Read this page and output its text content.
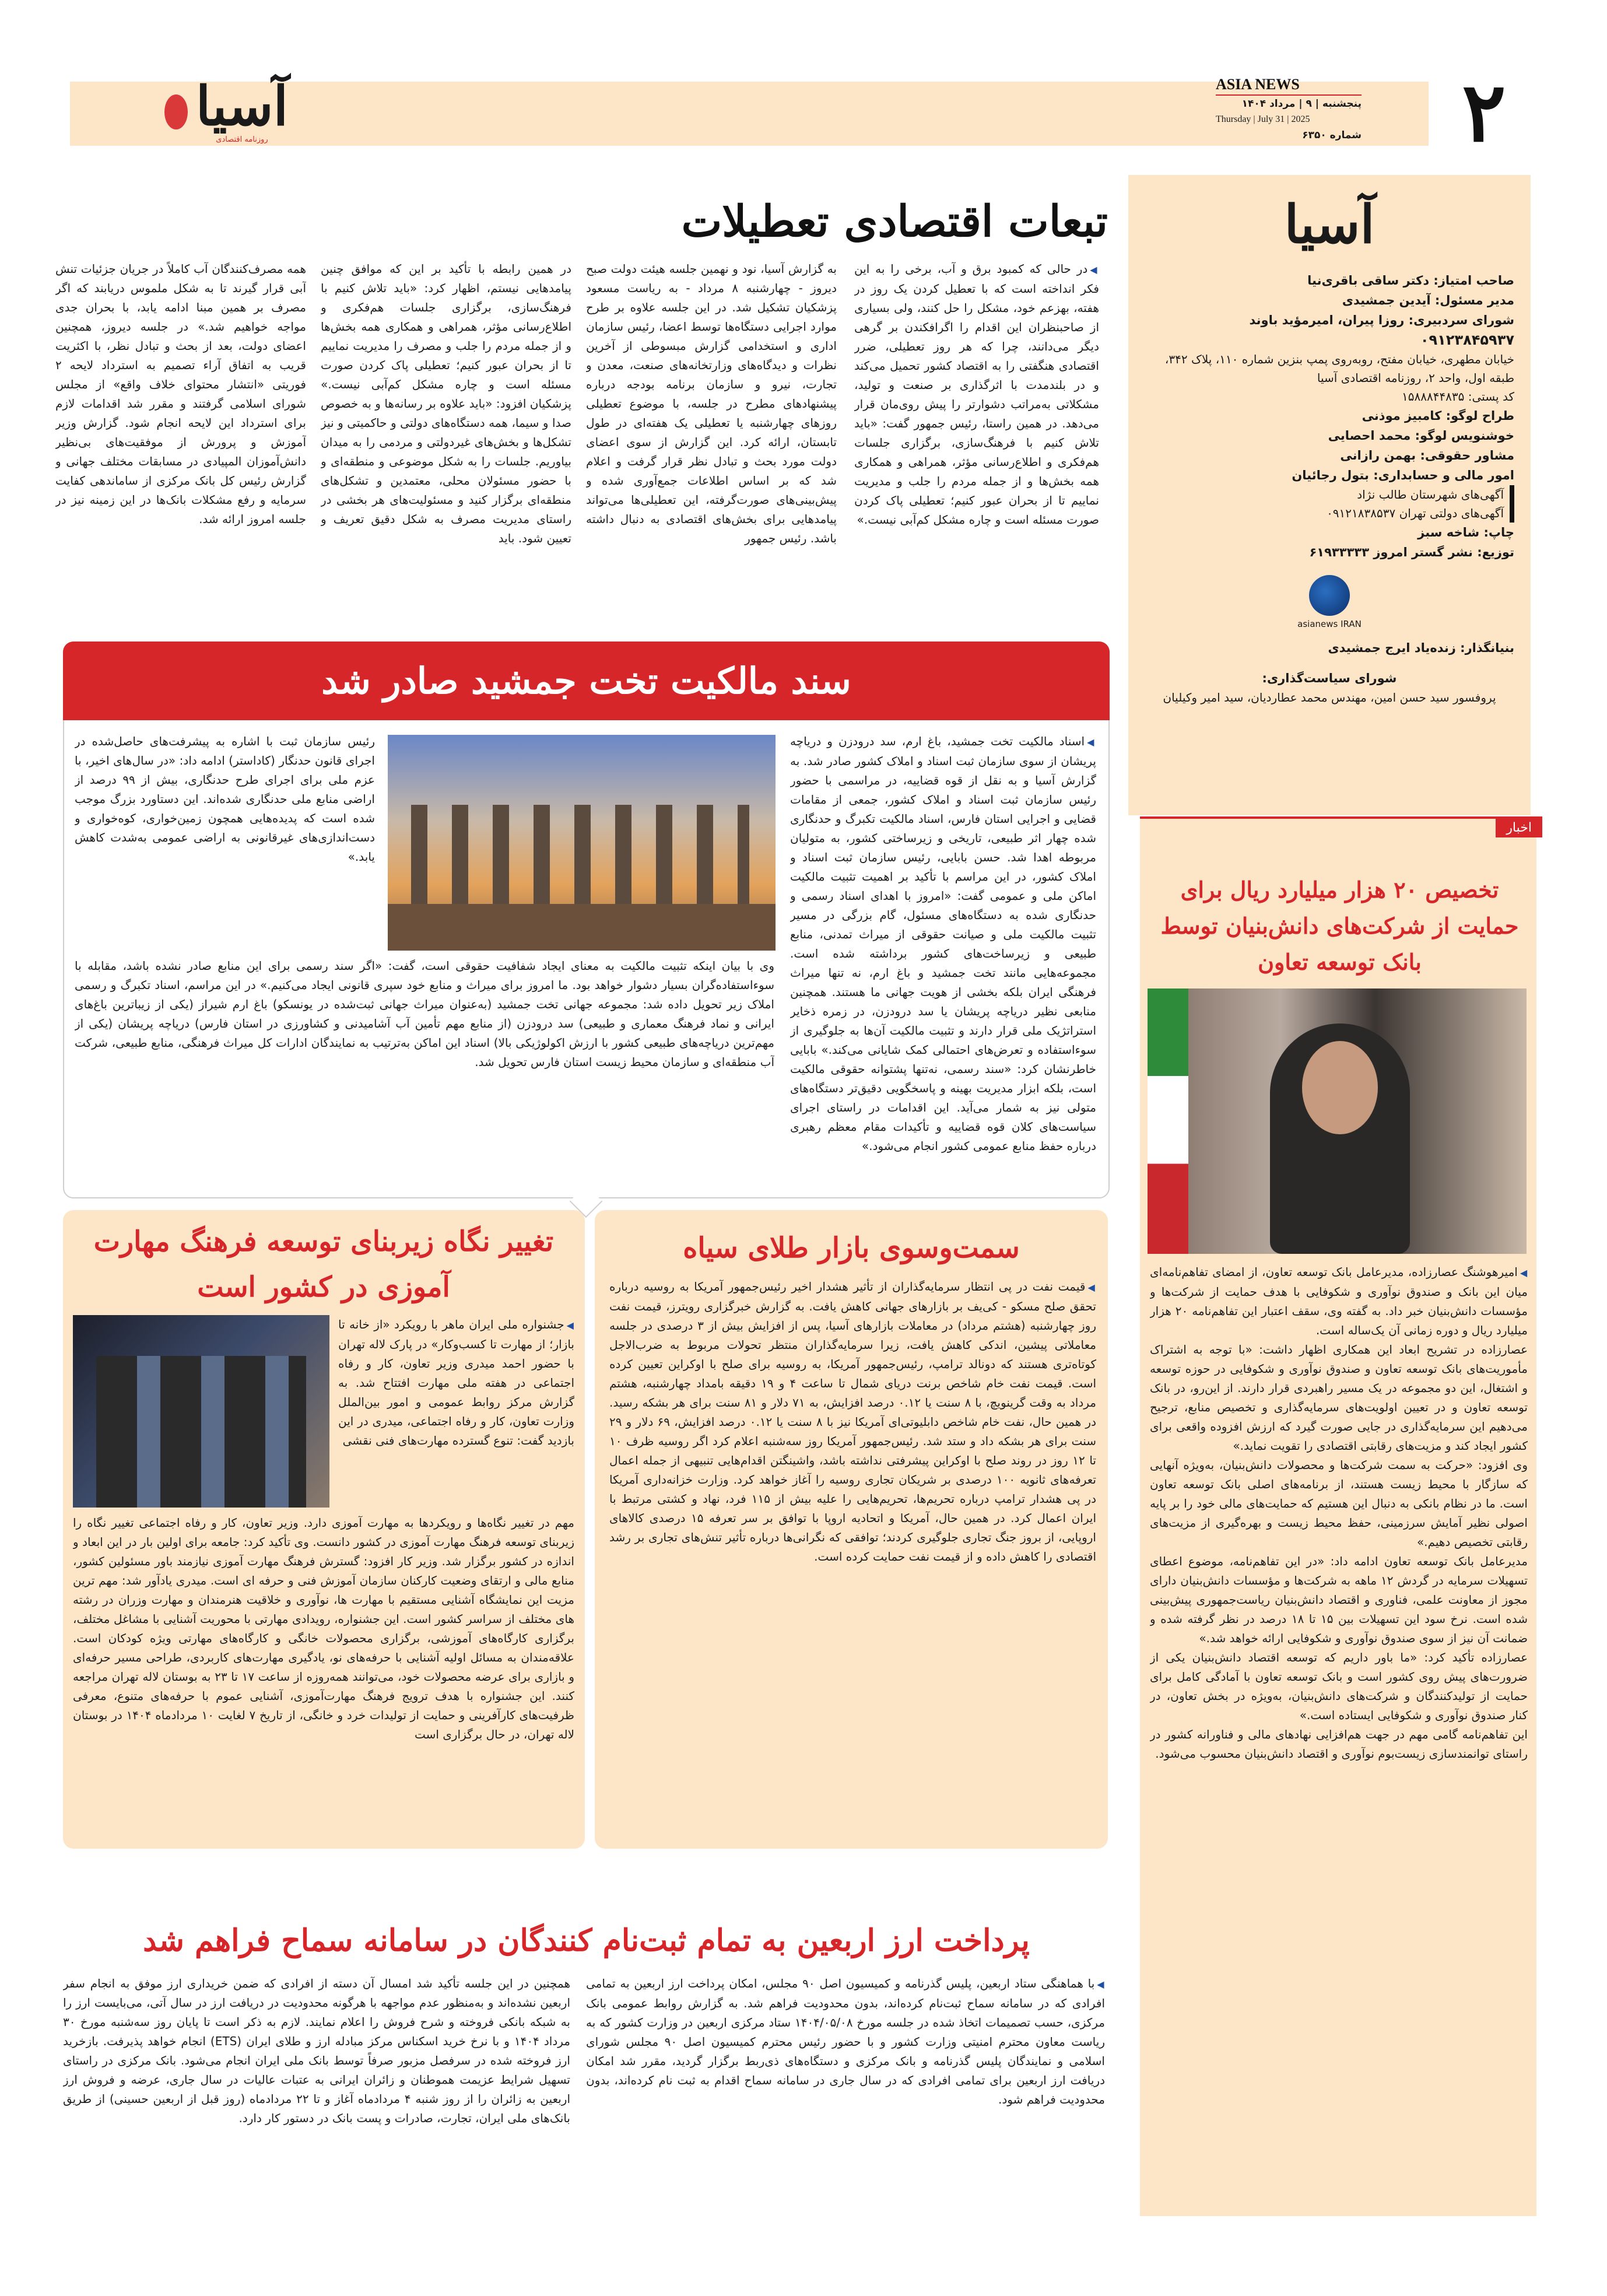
۲
ASIA NEWS
پنجشنبه | ۹ | مرداد ۱۴۰۴
Thursday | July 31 | 2025
شماره ۶۳۵۰
آسیا
روزنامه اقتصادی
آسیا
صاحب امتیاز: دکتر ساقی باقری‌نیا
مدیر مسئول: آیدین جمشیدی
شورای سردبیری: روزا پیران، امیرمؤید باوند
۰۹۱۲۳۸۴۵۹۳۷
خیابان مطهری، خیابان مفتح، روبه‌روی پمپ بنزین شماره ۱۱۰، پلاک ۳۴۲، طبقه اول، واحد ۲، روزنامه اقتصادی آسیا
کد پستی: ۱۵۸۸۸۴۴۸۳۵
طراح لوگو: کامبیز موذنی
خوشنویس لوگو: محمد احصایی
مشاور حقوقی: بهمن رازانی
امور مالی و حسابداری: بتول رجائیان
آگهی‌های شهرستان طالب نژاد
آگهی‌های دولتی تهران ۰۹۱۲۱۸۳۸۵۳۷
چاپ: شاخه سبز
توزیع: نشر گستر امروز ۶۱۹۳۳۳۳۳
asianews IRAN
بنیانگذار: زنده‌یاد ایرج جمشیدی
شورای سیاست‌گذاری:
پروفسور سید حسن امین، مهندس محمد عطاردیان، سید امیر وکیلیان
اخبار
تخصیص ۲۰ هزار میلیارد ریال برای حمایت از شرکت‌های دانش‌بنیان توسط بانک توسعه تعاون

◀امیرهوشنگ عصارزاده، مدیرعامل بانک توسعه تعاون، از امضای تفاهم‌نامه‌ای میان این بانک و صندوق نوآوری و شکوفایی با هدف حمایت از شرکت‌ها و مؤسسات دانش‌بنیان خبر داد. به گفته وی، سقف اعتبار این تفاهم‌نامه ۲۰ هزار میلیارد ریال و دوره زمانی آن یک‌ساله است.

عصارزاده در تشریح ابعاد این همکاری اظهار داشت: «با توجه به اشتراک مأموریت‌های بانک توسعه تعاون و صندوق نوآوری و شکوفایی در حوزه توسعه و اشتغال، این دو مجموعه در یک مسیر راهبردی قرار دارند. از این‌رو، در بانک توسعه تعاون و در تعیین اولویت‌های سرمایه‌گذاری و تخصیص منابع، ترجیح می‌دهیم این سرمایه‌گذاری در جایی صورت گیرد که ارزش افزوده واقعی برای کشور ایجاد کند و مزیت‌های رقابتی اقتصادی را تقویت نماید.»

وی افزود: «حرکت به سمت شرکت‌ها و محصولات دانش‌بنیان، به‌ویژه آنهایی که سازگار با محیط زیست هستند، از برنامه‌های اصلی بانک توسعه تعاون است. ما در نظام بانکی به دنبال این هستیم که حمایت‌های مالی خود را بر پایه اصولی نظیر آمایش سرزمینی، حفظ محیط زیست و بهره‌گیری از مزیت‌های رقابتی تخصیص دهیم.»

مدیرعامل بانک توسعه تعاون ادامه داد: «در این تفاهم‌نامه، موضوع اعطای تسهیلات سرمایه در گردش ۱۲ ماهه به شرکت‌ها و مؤسسات دانش‌بنیان دارای مجوز از معاونت علمی، فناوری و اقتصاد دانش‌بنیان ریاست‌جمهوری پیش‌بینی شده است. نرخ سود این تسهیلات بین ۱۵ تا ۱۸ درصد در نظر گرفته شده و ضمانت آن نیز از سوی صندوق نوآوری و شکوفایی ارائه خواهد شد.»

عصارزاده تأکید کرد: «ما باور داریم که توسعه اقتصاد دانش‌بنیان یکی از ضرورت‌های پیش روی کشور است و بانک توسعه تعاون با آمادگی کامل برای حمایت از تولیدکنندگان و شرکت‌های دانش‌بنیان، به‌ویژه در بخش تعاون، در کنار صندوق نوآوری و شکوفایی ایستاده است.»

این تفاهم‌نامه گامی مهم در جهت هم‌افزایی نهادهای مالی و فناورانه کشور در راستای توانمندسازی زیست‌بوم نوآوری و اقتصاد دانش‌بنیان محسوب می‌شود.

تبعات اقتصادی تعطیلات
◀در حالی که کمبود برق و آب، برخی را به این فکر انداخته است که با تعطیل کردن یک روز در هفته، بهزعم خود، مشکل را حل کنند، ولی بسیاری از صاحبنظران این اقدام را اگرافکندن بر گرهی دیگر می‌دانند، چرا که هر روز تعطیلی، ضرر اقتصادی هنگفتی را به اقتصاد کشور تحمیل می‌کند و در بلندمدت با اثرگذاری بر صنعت و تولید، مشکلاتی به‌مراتب دشوارتر را پیش روی‌مان قرار می‌دهد. در همین راستا، رئیس جمهور گفت: «باید تلاش کنیم با فرهنگ‌سازی، برگزاری جلسات هم‌فکری و اطلاع‌رسانی مؤثر، همراهی و همکاری همه بخش‌ها و از جمله مردم را جلب و مدیریت نماییم تا از بحران عبور کنیم؛ تعطیلی پاک کردن صورت مسئله است و چاره مشکل کم‌آبی نیست.»
به گزارش آسیا، نود و نهمین جلسه هیئت دولت صبح دیروز - چهارشنبه ۸ مرداد - به ریاست مسعود پزشکیان تشکیل شد. در این جلسه علاوه بر طرح موارد اجرایی دستگاه‌ها توسط اعضا، رئیس سازمان اداری و استخدامی گزارش مبسوطی از آخرین نظرات و دیدگاه‌های وزارتخانه‌های صنعت، معدن و تجارت، نیرو و سازمان برنامه بودجه درباره پیشنهادهای مطرح در جلسه، با موضوع تعطیلی روزهای چهارشنبه یا تعطیلی یک هفته‌ای در طول تابستان، ارائه کرد. این گزارش از سوی اعضای دولت مورد بحث و تبادل نظر قرار گرفت و اعلام شد که بر اساس اطلاعات جمع‌آوری شده و پیش‌بینی‌های صورت‌گرفته، این تعطیلی‌ها می‌تواند پیامدهایی برای بخش‌های اقتصادی به دنبال داشته باشد. رئیس جمهور
در همین رابطه با تأکید بر این که موافق چنین پیامدهایی نیستم، اظهار کرد: «باید تلاش کنیم با فرهنگ‌سازی، برگزاری جلسات هم‌فکری و اطلاع‌رسانی مؤثر، همراهی و همکاری همه بخش‌ها و از جمله مردم را جلب و مصرف را مدیریت نماییم تا از بحران عبور کنیم؛ تعطیلی پاک کردن صورت مسئله است و چاره مشکل کم‌آبی نیست.» پزشکیان افزود: «باید علاوه بر رسانه‌ها و به خصوص صدا و سیما، همه دستگاه‌های دولتی و حاکمیتی و نیز تشکل‌ها و بخش‌های غیردولتی و مردمی را به میدان بیاوریم. جلسات را به شکل موضوعی و منطقه‌ای و با حضور مسئولان محلی، معتمدین و تشکل‌های منطقه‌ای برگزار کنید و مسئولیت‌های هر بخشی در راستای مدیریت مصرف به شکل دقیق تعریف و تعیین شود. باید
همه مصرف‌کنندگان آب کاملاً در جریان جزئیات تنش آبی قرار گیرند تا به شکل ملموس دریابند که اگر مصرف بر همین مبنا ادامه یابد، با بحران جدی مواجه خواهیم شد.» در جلسه دیروز، همچنین اعضای دولت، بعد از بحث و تبادل نظر، با اکثریت قریب به اتفاق آراء تصمیم به استرداد لایحه ۲ فوریتی «انتشار محتوای خلاف واقع» از مجلس شورای اسلامی گرفتند و مقرر شد اقدامات لازم برای استرداد این لایحه انجام شود. گزارش وزیر آموزش و پرورش از موفقیت‌های بی‌نظیر دانش‌آموزان المپیادی در مسابقات مختلف جهانی و گزارش رئیس کل بانک مرکزی از ساماندهی کفایت سرمایه و رفع مشکلات بانک‌ها در این زمینه نیز در جلسه امروز ارائه شد.
سند مالکیت تخت جمشید صادر شد
◀اسناد مالکیت تخت جمشید، باغ ارم، سد درودزن و دریاچه پریشان از سوی سازمان ثبت اسناد و املاک کشور صادر شد. به گزارش آسیا و به نقل از قوه قضاییه، در مراسمی با حضور رئیس سازمان ثبت اسناد و املاک کشور، جمعی از مقامات قضایی و اجرایی استان فارس، اسناد مالکیت تکبرگ و حدنگاری شده چهار اثر طبیعی، تاریخی و زیرساختی کشور، به متولیان مربوطه اهدا شد. حسن بابایی، رئیس سازمان ثبت اسناد و املاک کشور، در این مراسم با تأکید بر اهمیت تثبیت مالکیت اماکن ملی و عمومی گفت: «امروز با اهدای اسناد رسمی و حدنگاری شده به دستگاه‌های مسئول، گام بزرگی در مسیر تثبیت مالکیت ملی و صیانت حقوقی از میراث تمدنی، منابع طبیعی و زیرساخت‌های کشور برداشته شده است. مجموعه‌هایی مانند تخت جمشید و باغ ارم، نه تنها میراث فرهنگی ایران بلکه بخشی از هویت جهانی ما هستند. همچنین منابعی نظیر دریاچه پریشان یا سد درودزن، در زمره ذخایر استراتژیک ملی قرار دارند و تثبیت مالکیت آن‌ها به جلوگیری از سوءاستفاده و تعرض‌های احتمالی کمک شایانی می‌کند.» بابایی خاطرنشان کرد: «سند رسمی، نه‌تنها پشتوانه حقوقی مالکیت است، بلکه ابزار مدیریت بهینه و پاسخگویی دقیق‌تر دستگاه‌های متولی نیز به شمار می‌آید. این اقدامات در راستای اجرای سیاست‌های کلان قوه قضاییه و تأکیدات مقام معظم رهبری درباره حفظ منابع عمومی کشور انجام می‌شود.»
رئیس سازمان ثبت با اشاره به پیشرفت‌های حاصل‌شده در اجرای قانون حدنگار (کاداستر) ادامه داد: «در سال‌های اخیر، با عزم ملی برای اجرای طرح حدنگاری، بیش از ۹۹ درصد از اراضی منابع ملی حدنگاری شده‌اند. این دستاورد بزرگ موجب شده است که پدیده‌هایی همچون زمین‌خواری، کوه‌خواری و دست‌اندازی‌های غیرقانونی به اراضی عمومی به‌شدت کاهش یابد.»
وی با بیان اینکه تثبیت مالکیت به معنای ایجاد شفافیت حقوقی است، گفت: «اگر سند رسمی برای این منابع صادر نشده باشد، مقابله با سوءاستفاده‌گران بسیار دشوار خواهد بود. ما امروز برای میراث و منابع خود سپری قانونی ایجاد می‌کنیم.» در این مراسم، اسناد تکبرگ و رسمی املاک زیر تحویل داده شد: مجموعه جهانی تخت جمشید (به‌عنوان میراث جهانی ثبت‌شده در یونسکو) باغ ارم شیراز (یکی از زیباترین باغ‌های ایرانی و نماد فرهنگ معماری و طبیعی) سد درودزن (از منابع مهم تأمین آب آشامیدنی و کشاورزی در استان فارس) دریاچه پریشان (یکی از مهم‌ترین دریاچه‌های طبیعی کشور با ارزش اکولوژیکی بالا) اسناد این اماکن به‌ترتیب به نمایندگان ادارات کل میراث فرهنگی، منابع طبیعی، شرکت آب منطقه‌ای و سازمان محیط زیست استان فارس تحویل شد.
سمت‌وسوی بازار طلای سیاه
◀قیمت نفت در پی انتظار سرمایه‌گذاران از تأثیر هشدار اخیر رئیس‌جمهور آمریکا به روسیه درباره تحقق صلح مسکو - کی‌یف بر بازارهای جهانی کاهش یافت. به گزارش خبرگزاری رویترز، قیمت نفت روز چهارشنبه (هشتم مرداد) در معاملات بازارهای آسیا، پس از افزایش بیش از ۳ درصدی در جلسه معاملاتی پیشین، اندکی کاهش یافت، زیرا سرمایه‌گذاران منتظر تحولات مربوط به ضرب‌الاجل کوتاه‌تری هستند که دونالد ترامپ، رئیس‌جمهور آمریکا، به روسیه برای صلح با اوکراین تعیین کرده است. قیمت نفت خام شاخص برنت دریای شمال تا ساعت ۴ و ۱۹ دقیقه بامداد چهارشنبه، هشتم مرداد به وقت گرینویچ، با ۸ سنت یا ۰.۱۲ درصد افزایش، به ۷۱ دلار و ۸۱ سنت برای هر بشکه رسید. در همین حال، نفت خام شاخص دابلیوتی‌ای آمریکا نیز با ۸ سنت یا ۰.۱۲ درصد افزایش، ۶۹ دلار و ۲۹ سنت برای هر بشکه داد و ستد شد. رئیس‌جمهور آمریکا روز سه‌شنبه اعلام کرد اگر روسیه ظرف ۱۰ تا ۱۲ روز در روند صلح با اوکراین پیشرفتی نداشته باشد، واشینگتن اقدام‌هایی تنبیهی از جمله اعمال تعرفه‌های ثانویه ۱۰۰ درصدی بر شریکان تجاری روسیه را آغاز خواهد کرد. وزارت خزانه‌داری آمریکا در پی هشدار ترامپ درباره تحریم‌ها، تحریم‌هایی را علیه بیش از ۱۱۵ فرد، نهاد و کشتی مرتبط با ایران اعمال کرد. در همین حال، آمریکا و اتحادیه اروپا با توافق بر سر تعرفه ۱۵ درصدی کالاهای اروپایی، از بروز جنگ تجاری جلوگیری کردند؛ توافقی که نگرانی‌ها درباره تأثیر تنش‌های تجاری بر رشد اقتصادی را کاهش داده و از قیمت نفت حمایت کرده است.
تغییر نگاه زیربنای توسعه فرهنگ مهارت آموزی در کشور است
◀جشنواره ملی ایران ماهر با رویکرد «از خانه تا بازار؛ از مهارت تا کسب‌وکار» در پارک لاله تهران با حضور احمد میدری وزیر تعاون، کار و رفاه اجتماعی در هفته ملی مهارت افتتاح شد. به گزارش مرکز روابط عمومی و امور بین‌الملل وزارت تعاون، کار و رفاه اجتماعی، میدری در این بازدید گفت: تنوع گسترده مهارت‌های فنی نقشی
مهم در تغییر نگاه‌ها و رویکردها به مهارت آموزی دارد. وزیر تعاون، کار و رفاه اجتماعی تغییر نگاه را زیربنای توسعه فرهنگ مهارت آموزی در کشور دانست. وی تأکید کرد: جامعه برای اولین بار در این ابعاد و اندازه در کشور برگزار شد. وزیر کار افزود: گسترش فرهنگ مهارت آموزی نیازمند باور مسئولین کشور، منابع مالی و ارتقای وضعیت کارکنان سازمان آموزش فنی و حرفه ای است. میدری یادآور شد: مهم ترین مزیت این نمایشگاه آشنایی مستقیم با مهارت ها، نوآوری و خلاقیت هنرمندان و مهارت وزران در رشته های مختلف از سراسر کشور است. این جشنواره، رویدادی مهارتی با محوریت آشنایی با مشاغل مختلف، برگزاری کارگاه‌های آموزشی، برگزاری محصولات خانگی و کارگاه‌های مهارتی ویژه کودکان است. علاقه‌مندان به مسائل اولیه آشنایی با حرفه‌های نو، یادگیری مهارت‌های کاربردی، طراحی مسیر حرفه‌ای و بازاری برای عرضه محصولات خود، می‌توانند همه‌روزه از ساعت ۱۷ تا ۲۳ به بوستان لاله تهران مراجعه کنند. این جشنواره با هدف ترویج فرهنگ مهارت‌آموزی، آشنایی عموم با حرفه‌های متنوع، معرفی ظرفیت‌های کارآفرینی و حمایت از تولیدات خرد و خانگی، از تاریخ ۷ لغایت ۱۰ مردادماه ۱۴۰۴ در بوستان لاله تهران، در حال برگزاری است
پرداخت ارز اربعین به تمام ثبت‌نام کنندگان در سامانه سماح فراهم شد
◀با هماهنگی ستاد اربعین، پلیس گذرنامه و کمیسیون اصل ۹۰ مجلس، امکان پرداخت ارز اربعین به تمامی افرادی که در سامانه سماح ثبت‌نام کرده‌اند، بدون محدودیت فراهم شد. به گزارش روابط عمومی بانک مرکزی، حسب تصمیمات اتخاذ شده در جلسه مورخ ۱۴۰۴/۰۵/۰۸ ستاد مرکزی اربعین در وزارت کشور که به ریاست معاون محترم امنیتی وزارت کشور و با حضور رئیس محترم کمیسیون اصل ۹۰ مجلس شورای اسلامی و نمایندگان پلیس گذرنامه و بانک مرکزی و دستگاه‌های ذی‌ربط برگزار گردید، مقرر شد امکان دریافت ارز اربعین برای تمامی افرادی که در سال جاری در سامانه سماح اقدام به ثبت نام کرده‌اند، بدون محدودیت فراهم شود.
همچنین در این جلسه تأکید شد امسال آن دسته از افرادی که ضمن خریداری ارز موفق به انجام سفر اربعین نشده‌اند و به‌منظور عدم مواجهه با هرگونه محدودیت در دریافت ارز در سال آتی، می‌بایست ارز را به شبکه بانکی فروخته و شرح فروش را اعلام نمایند. لازم به ذکر است تا پایان روز سه‌شنبه مورخ ۳۰ مرداد ۱۴۰۴ و با نرخ خرید اسکناس مرکز مبادله ارز و طلای ایران (ETS) انجام خواهد پذیرفت. بازخرید ارز فروخته شده در سرفصل مزبور صرفاً توسط بانک ملی ایران انجام می‌شود. بانک مرکزی در راستای تسهیل شرایط عزیمت هموطنان و زائران ایرانی به عتبات عالیات در سال جاری، عرضه و فروش ارز اربعین به زائران را از روز شنبه ۴ مردادماه آغاز و تا ۲۲ مردادماه (روز قبل از اربعین حسینی) از طریق بانک‌های ملی ایران، تجارت، صادرات و پست بانک در دستور کار دارد.
